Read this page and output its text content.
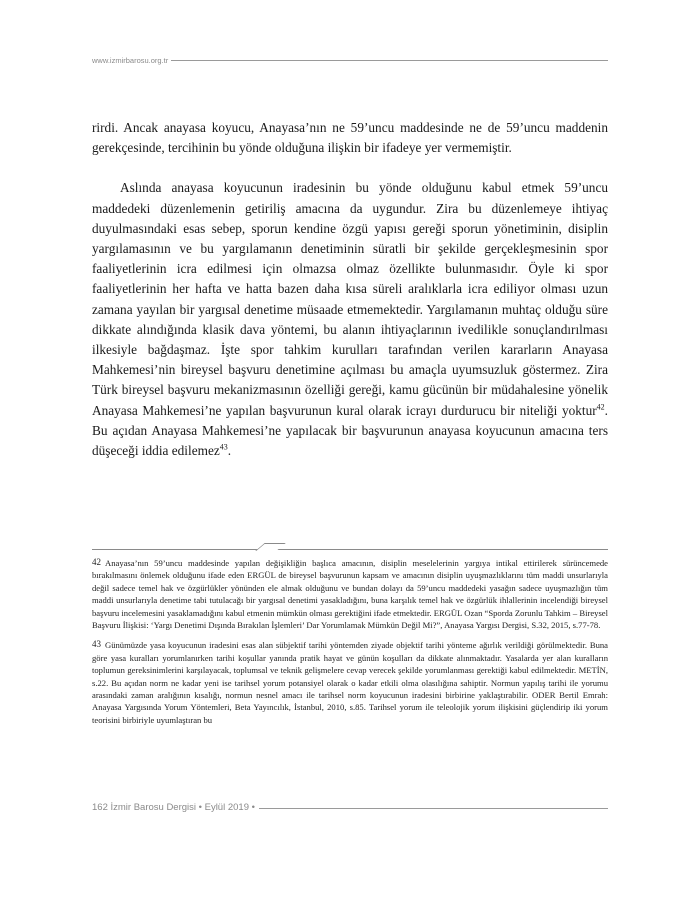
www.izmirbarosu.org.tr

rirdi. Ancak anayasa koyucu, Anayasa’nın ne 59’uncu maddesinde ne de 59’uncu maddenin gerekçesinde, tercihinin bu yönde olduğuna ilişkin bir ifadeye yer vermemiştir.

Aslında anayasa koyucunun iradesinin bu yönde olduğunu kabul etmek 59’uncu maddedeki düzenlemenin getiriliş amacına da uygundur. Zira bu düzenlemeye ihtiyaç duyulmasındaki esas sebep, sporun kendine özgü yapısı gereği sporun yönetiminin, disiplin yargılamasının ve bu yargılamanın denetiminin süratli bir şekilde gerçekleşmesinin spor faaliyetlerinin icra edilmesi için olmazsa olmaz özellikte bulunmasıdır. Öyle ki spor faaliyetlerinin her hafta ve hatta bazen daha kısa süreli aralıklarla icra ediliyor olması uzun zamana yayılan bir yargısal denetime müsaade etmemektedir. Yargılamanın muhtaç olduğu süre dikkate alındığında klasik dava yöntemi, bu alanın ihtiyaçlarının ivedilikle sonuçlandırılması ilkesiyle bağdaşmaz. İşte spor tahkim kurulları tarafından verilen kararların Anayasa Mahkemesi’nin bireysel başvuru denetimine açılması bu amaçla uyumsuzluk göstermez. Zira Türk bireysel başvuru mekanizmasının özelliği gereği, kamu gücünün bir müdahalesine yönelik Anayasa Mahkemesi’ne yapılan başvurunun kural olarak icrayı durdurucu bir niteliği yoktur$^{42}$. Bu açıdan Anayasa Mahkemesi’ne yapılacak bir başvurunun anayasa koyucunun amacına ters düşeceği iddia edilemez$^{43}$.

42 Anayasa’nın 59’uncu maddesinde yapılan değişikliğin başlıca amacının, disiplin meselelerinin yargıya intikal ettirilerek sürüncemede bırakılmasını önlemek olduğunu ifade eden ERGÜL de bireysel başvurunun kapsam ve amacının disiplin uyuşmazlıklarını tüm maddi unsurlarıyla değil sadece temel hak ve özgürlükler yönünden ele almak olduğunu ve bundan dolayı da 59’uncu maddedeki yasağın sadece uyuşmazlığın tüm maddi unsurlarıyla denetime tabi tutulacağı bir yargısal denetimi yasakladığını, buna karşılık temel hak ve özgürlük ihlallerinin incelendiği bireysel başvuru incelemesini yasaklamadığını kabul etmenin mümkün olması gerektiğini ifade etmektedir. ERGÜL Ozan “Sporda Zorunlu Tahkim – Bireysel Başvuru İlişkisi: ‘Yargı Denetimi Dışında Bırakılan İşlemleri’ Dar Yorumlamak Mümkün Değil Mi?”, Anayasa Yargısı Dergisi, S.32, 2015, s.77-78.

43 Günümüzde yasa koyucunun iradesini esas alan sübjektif tarihi yöntemden ziyade objektif tarihi yönteme ağırlık verildiği görülmektedir. Buna göre yasa kuralları yorumlanırken tarihi koşullar yanında pratik hayat ve günün koşulları da dikkate alınmaktadır. Yasalarda yer alan kuralların toplumun gereksinimlerini karşılayacak, toplumsal ve teknik gelişmelere cevap verecek şekilde yorumlanması gerektiği kabul edilmektedir. METİN, s.22. Bu açıdan norm ne kadar yeni ise tarihsel yorum potansiyel olarak o kadar etkili olma olasılığına sahiptir. Normun yapılış tarihi ile yorumu arasındaki zaman aralığının kısalığı, normun nesnel amacı ile tarihsel norm koyucunun iradesini birbirine yaklaştırabilir. ODER Bertil Emrah: Anayasa Yargısında Yorum Yöntemleri, Beta Yayıncılık, İstanbul, 2010, s.85. Tarihsel yorum ile teleolojik yorum ilişkisini güçlendirip iki yorum teorisini birbiriyle uyumlaştıran bu

162 İzmir Barosu Dergisi • Eylül 2019 •
